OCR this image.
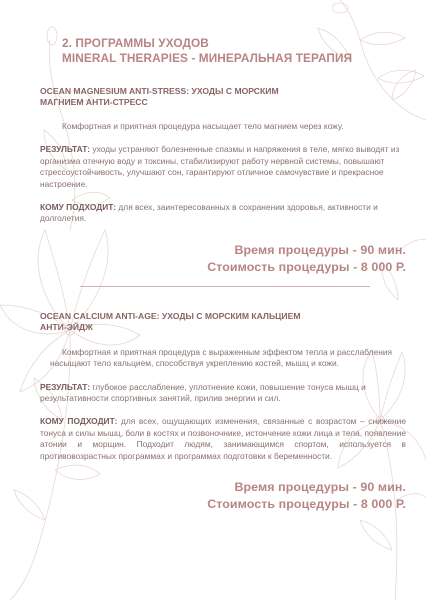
2. ПРОГРАММЫ УХОДОВ
MINERAL THERAPIES - МИНЕРАЛЬНАЯ ТЕРАПИЯ
OCEAN MAGNESIUM ANTI-STRESS: УХОДЫ С МОРСКИМ
МАГНИЕМ АНТИ-СТРЕСС

Комфортная и приятная процедура насыщает тело магнием через кожу.

РЕЗУЛЬТАТ: уходы устраняют болезненные спазмы и напряжения в теле, мягко выводят из организма отечную воду и токсины, стабилизируют работу нервной системы, повышают стрессоустойчивость, улучшают сон, гарантируют отличное самочувствие и прекрасное настроение.

КОМУ ПОДХОДИТ: для всех, заинтересованных в сохранении здоровья, активности и долголетия.

Время процедуры - 90 мин.

Стоимость процедуры - 8 000 Р.

OCEAN CALCIUM ANTI-AGE: УХОДЫ С МОРСКИМ КАЛЬЦИЕМ
АНТИ-ЭЙДЖ

Комфортная и приятная процедура с выраженным эффектом тепла и расслабления насыщают тело кальцием, способствуя укреплению костей, мышц и кожи.

РЕЗУЛЬТАТ: глубокое расслабление, уплотнение кожи, повышение тонуса мышц и результативности спортивных занятий, прилив энергии и сил.

КОМУ ПОДХОДИТ: для всех, ощущающих изменения, связанные с возрастом – снижение тонуса и силы мышц, боли в костях и позвоночнике, истончение кожи лица и тела, появление атонии и морщин. Подходит людям, занимающимся спортом, используется в противовозрастных программах и программах подготовки к беременности.

Время процедуры - 90 мин.

Стоимость процедуры - 8 000 Р.
